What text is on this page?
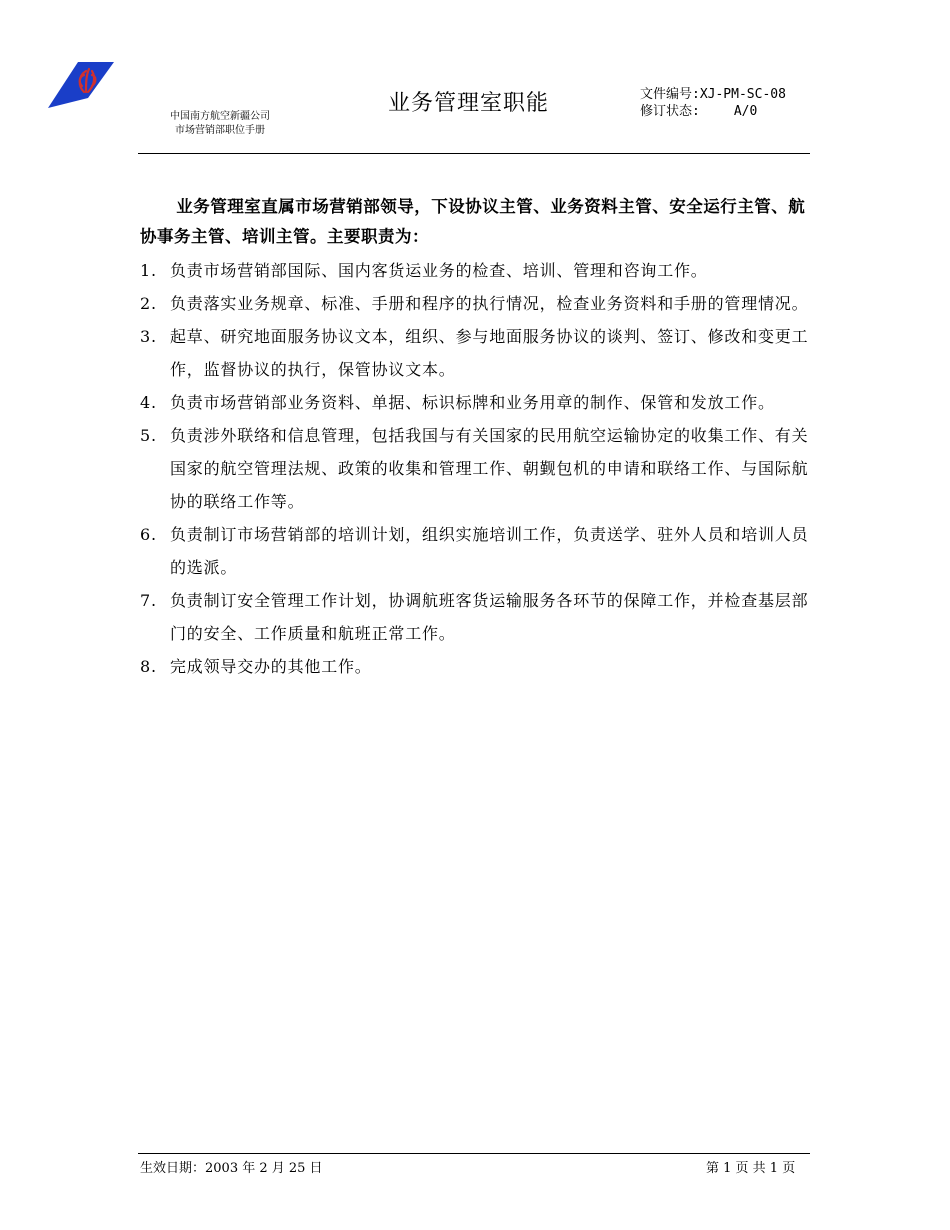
中国南方航空新疆公司
市场营销部职位手册
业务管理室职能	文件编号:XJ-PM-SC-08
修订状态:	A/0

业务管理室直属市场营销部领导，下设协议主管、业务资料主管、安全运行主管、航协事务主管、培训主管。主要职责为：

1. 负责市场营销部国际、国内客货运业务的检查、培训、管理和咨询工作。
2. 负责落实业务规章、标准、手册和程序的执行情况，检查业务资料和手册的管理情况。
3. 起草、研究地面服务协议文本，组织、参与地面服务协议的谈判、签订、修改和变更工作，监督协议的执行，保管协议文本。
4. 负责市场营销部业务资料、单据、标识标牌和业务用章的制作、保管和发放工作。
5. 负责涉外联络和信息管理，包括我国与有关国家的民用航空运输协定的收集工作、有关国家的航空管理法规、政策的收集和管理工作、朝觐包机的申请和联络工作、与国际航协的联络工作等。
6. 负责制订市场营销部的培训计划，组织实施培训工作，负责送学、驻外人员和培训人员的选派。
7. 负责制订安全管理工作计划，协调航班客货运输服务各环节的保障工作，并检查基层部门的安全、工作质量和航班正常工作。
8. 完成领导交办的其他工作。
生效日期：2003 年 2 月 25 日	第 1 页 共 1 页
